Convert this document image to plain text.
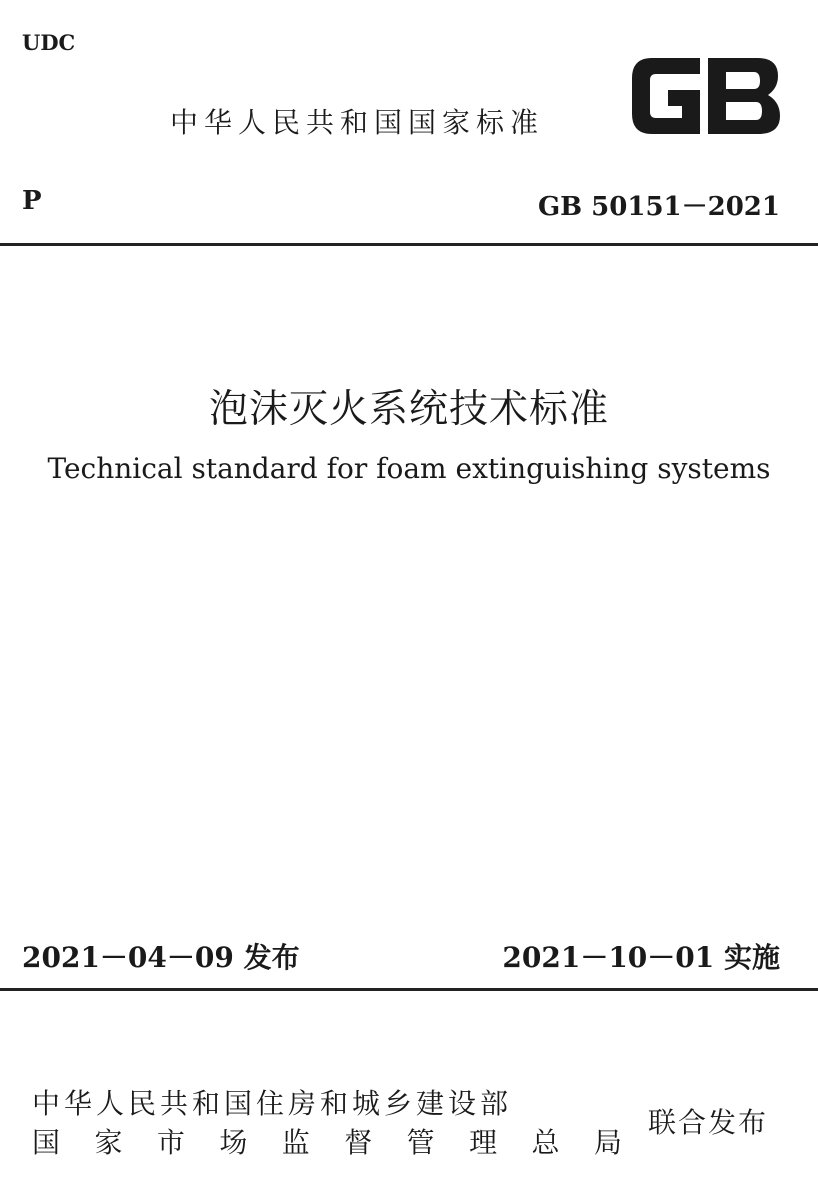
UDC
中华人民共和国国家标准
P	GB 50151－2021
泡沫灭火系统技术标准
Technical standard for foam extinguishing systems
2021－04－09 发布	2021－10－01 实施
中华人民共和国住房和城乡建设部
国 家 市 场 监 督 管 理 总 局
联合发布
